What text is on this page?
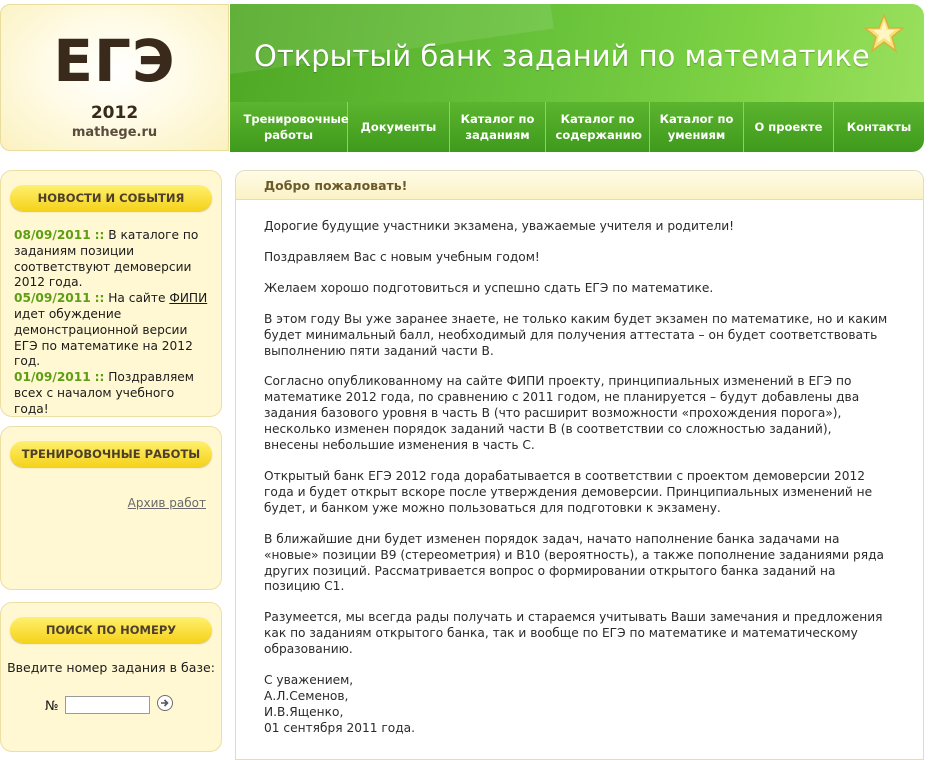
ЕГЭ
2012
mathege.ru
Открытый банк заданий по математике
Тренировочные работы
Документы
Каталог по заданиям
Каталог по содержанию
Каталог по умениям
О проекте Контакты
НОВОСТИ И СОБЫТИЯ
08/09/2011 :: В каталоге по заданиям позиции соответствуют демоверсии 2012 года.
05/09/2011 :: На сайте ФИПИ идет обуждение демонстрационной версии ЕГЭ по математике на 2012 год.
01/09/2011 :: Поздравляем всех с началом учебного года!
ТРЕНИРОВОЧНЫЕ РАБОТЫ
Архив работ
ПОИСК ПО НОМЕРУ
Введите номер задания в базе:
№
Добро пожаловать!

Дорогие будущие участники экзамена, уважаемые учителя и родители!

Поздравляем Вас с новым учебным годом!

Желаем хорошо подготовиться и успешно сдать ЕГЭ по математике.

В этом году Вы уже заранее знаете, не только каким будет экзамен по математике, но и каким будет минимальный балл, необходимый для получения аттестата – он будет соответствовать выполнению пяти заданий части B.

Согласно опубликованному на сайте ФИПИ проекту, принципиальных изменений в ЕГЭ по математике 2012 года, по сравнению с 2011 годом, не планируется – будут добавлены два задания базового уровня в часть B (что расширит возможности «прохождения порога»), несколько изменен порядок заданий части B (в соответствии со сложностью заданий), внесены небольшие изменения в часть C.

Открытый банк ЕГЭ 2012 года дорабатывается в соответствии с проектом демоверсии 2012 года и будет открыт вскоре после утверждения демоверсии. Принципиальных изменений не будет, и банком уже можно пользоваться для подготовки к экзамену.

В ближайшие дни будет изменен порядок задач, начато наполнение банка задачами на «новые» позиции B9 (стереометрия) и B10 (вероятность), а также пополнение заданиями ряда других позиций. Рассматривается вопрос о формировании открытого банка заданий на позицию C1.

Разумеется, мы всегда рады получать и стараемся учитывать Ваши замечания и предложения как по заданиям открытого банка, так и вообще по ЕГЭ по математике и математическому образованию.

С уважением,

А.Л.Семенов,

И.В.Ященко,

01 сентября 2011 года.
